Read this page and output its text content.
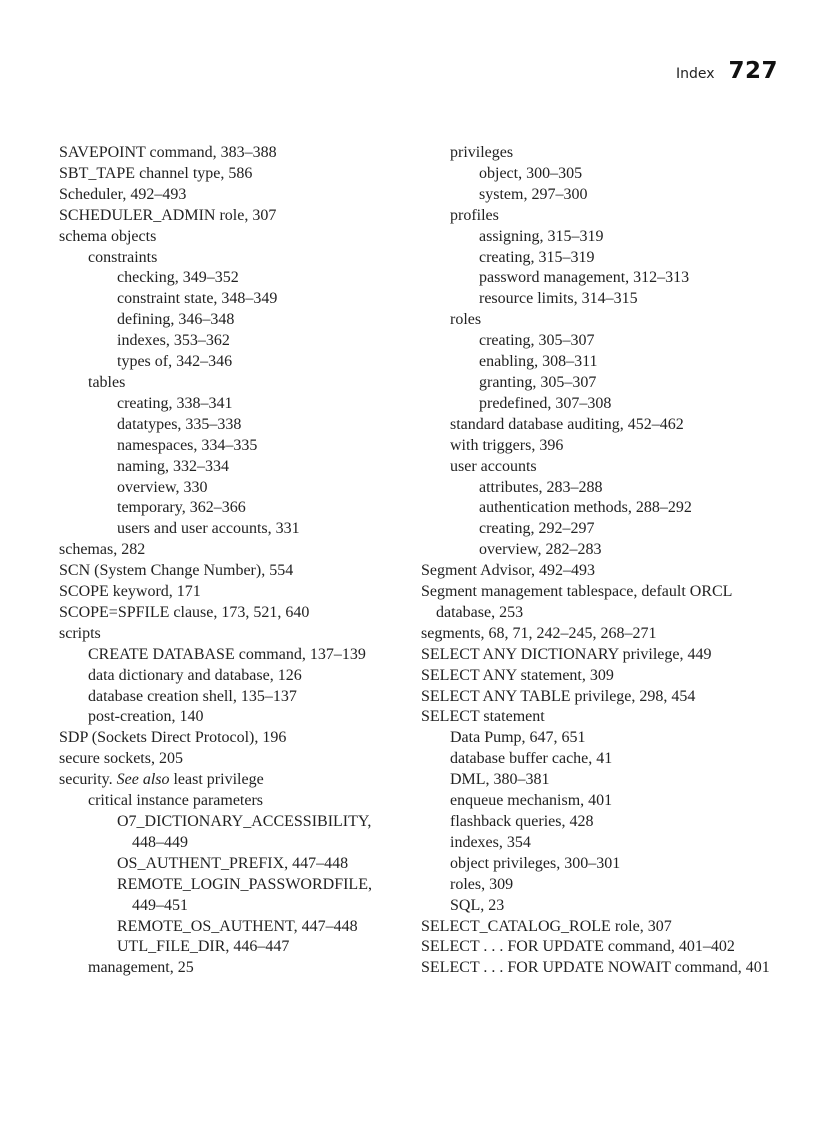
Index 727
SAVEPOINT command, 383–388
SBT_TAPE channel type, 586
Scheduler, 492–493
SCHEDULER_ADMIN role, 307
schema objects
constraints
checking, 349–352
constraint state, 348–349
defining, 346–348
indexes, 353–362
types of, 342–346
tables
creating, 338–341
datatypes, 335–338
namespaces, 334–335
naming, 332–334
overview, 330
temporary, 362–366
users and user accounts, 331
schemas, 282
SCN (System Change Number), 554
SCOPE keyword, 171
SCOPE=SPFILE clause, 173, 521, 640
scripts
CREATE DATABASE command, 137–139
data dictionary and database, 126
database creation shell, 135–137
post-creation, 140
SDP (Sockets Direct Protocol), 196
secure sockets, 205
security. See also least privilege
critical instance parameters
O7_DICTIONARY_ACCESSIBILITY, 448–449
OS_AUTHENT_PREFIX, 447–448
REMOTE_LOGIN_PASSWORDFILE, 449–451
REMOTE_OS_AUTHENT, 447–448
UTL_FILE_DIR, 446–447
management, 25
privileges
object, 300–305
system, 297–300
profiles
assigning, 315–319
creating, 315–319
password management, 312–313
resource limits, 314–315
roles
creating, 305–307
enabling, 308–311
granting, 305–307
predefined, 307–308
standard database auditing, 452–462
with triggers, 396
user accounts
attributes, 283–288
authentication methods, 288–292
creating, 292–297
overview, 282–283
Segment Advisor, 492–493
Segment management tablespace, default ORCL database, 253
segments, 68, 71, 242–245, 268–271
SELECT ANY DICTIONARY privilege, 449
SELECT ANY statement, 309
SELECT ANY TABLE privilege, 298, 454
SELECT statement
Data Pump, 647, 651
database buffer cache, 41
DML, 380–381
enqueue mechanism, 401
flashback queries, 428
indexes, 354
object privileges, 300–301
roles, 309
SQL, 23
SELECT_CATALOG_ROLE role, 307
SELECT . . . FOR UPDATE command, 401–402
SELECT . . . FOR UPDATE NOWAIT command, 401
